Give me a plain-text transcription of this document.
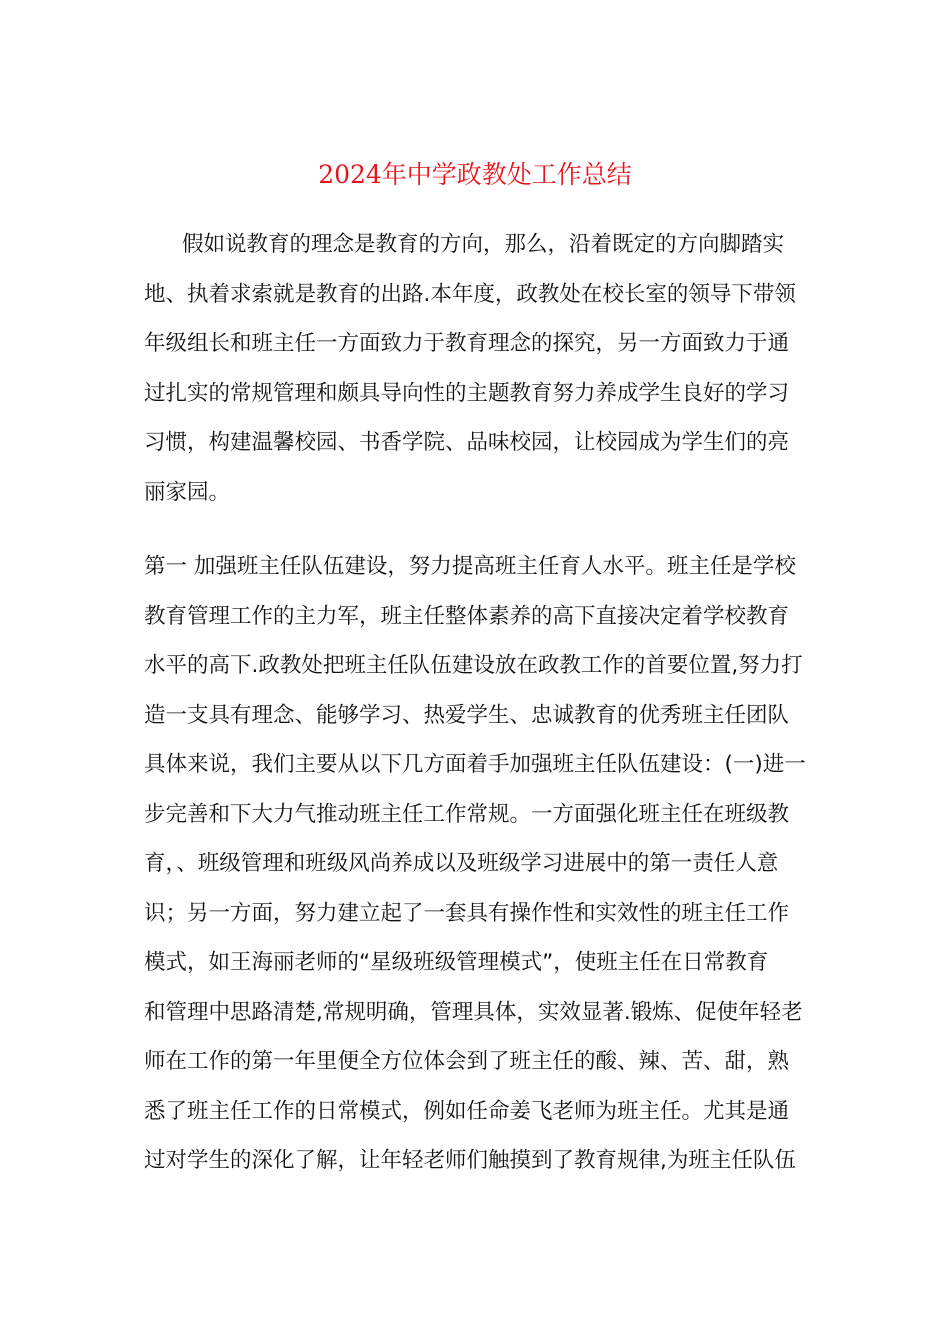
2024年中学政教处工作总结
假如说教育的理念是教育的方向，那么，沿着既定的方向脚踏实
地、执着求索就是教育的出路.本年度，政教处在校长室的领导下带领
年级组长和班主任一方面致力于教育理念的探究，另一方面致力于通
过扎实的常规管理和颇具导向性的主题教育努力养成学生良好的学习
习惯，构建温馨校园、书香学院、品味校园，让校园成为学生们的亮
丽家园。
第一 加强班主任队伍建设，努力提高班主任育人水平。班主任是学校
教育管理工作的主力军，班主任整体素养的高下直接决定着学校教育
水平的高下.政教处把班主任队伍建设放在政教工作的首要位置,努力打
造一支具有理念、能够学习、热爱学生、忠诚教育的优秀班主任团队
具体来说，我们主要从以下几方面着手加强班主任队伍建设：(一)进一
步完善和下大力气推动班主任工作常规。一方面强化班主任在班级教
育，、班级管理和班级风尚养成以及班级学习进展中的第一责任人意
识；另一方面，努力建立起了一套具有操作性和实效性的班主任工作
模式，如王海丽老师的“星级班级管理模式”，使班主任在日常教育
和管理中思路清楚,常规明确，管理具体，实效显著.锻炼、促使年轻老
师在工作的第一年里便全方位体会到了班主任的酸、辣、苦、甜，熟
悉了班主任工作的日常模式，例如任命姜飞老师为班主任。尤其是通
过对学生的深化了解，让年轻老师们触摸到了教育规律,为班主任队伍
